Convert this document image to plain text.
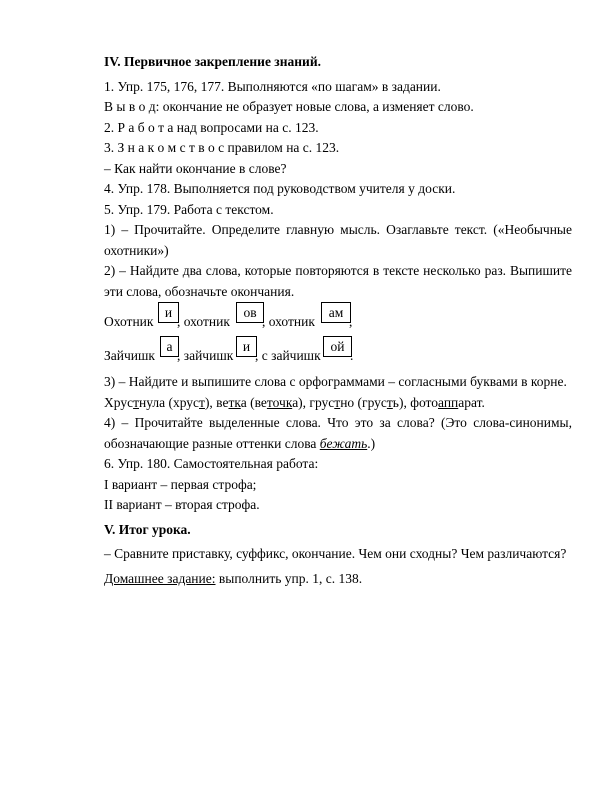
IV. Первичное закрепление знаний.

1. Упр. 175, 176, 177. Выполняются «по шагам» в задании.

В ы в о д: окончание не образует новые слова, а изменяет слово.

2. Р а б о т а над вопросами на с. 123.

3. З н а к о м с т в о с правилом на с. 123.

– Как найти окончание в слове?

4. Упр. 178. Выполняется под руководством учителя у доски.

5. Упр. 179. Работа с текстом.

1) – Прочитайте. Определите главную мысль. Озаглавьте текст. («Необычные охотники»)

2) – Найдите два слова, которые повторяются в тексте несколько раз. Выпишите эти слова, обозначьте окончания.

Охотник
и
, охотник
ов
, охотник
ам
,
Зайчишк
а
, зайчишк
и
, с зайчишк
ой
.

3) – Найдите и выпишите слова с орфограммами – согласными буквами в корне.

Хрустнула (хруст), ветка (веточка), грустно (грусть), фотоаппарат.

4) – Прочитайте выделенные слова. Что это за слова? (Это слова-синонимы, обозначающие разные оттенки слова бежать.)

6. Упр. 180. Самостоятельная работа:

I вариант – первая строфа;

II вариант – вторая строфа.

V. Итог урока.

– Сравните приставку, суффикс, окончание. Чем они сходны? Чем различаются?

Домашнее задание: выполнить упр. 1, с. 138.
